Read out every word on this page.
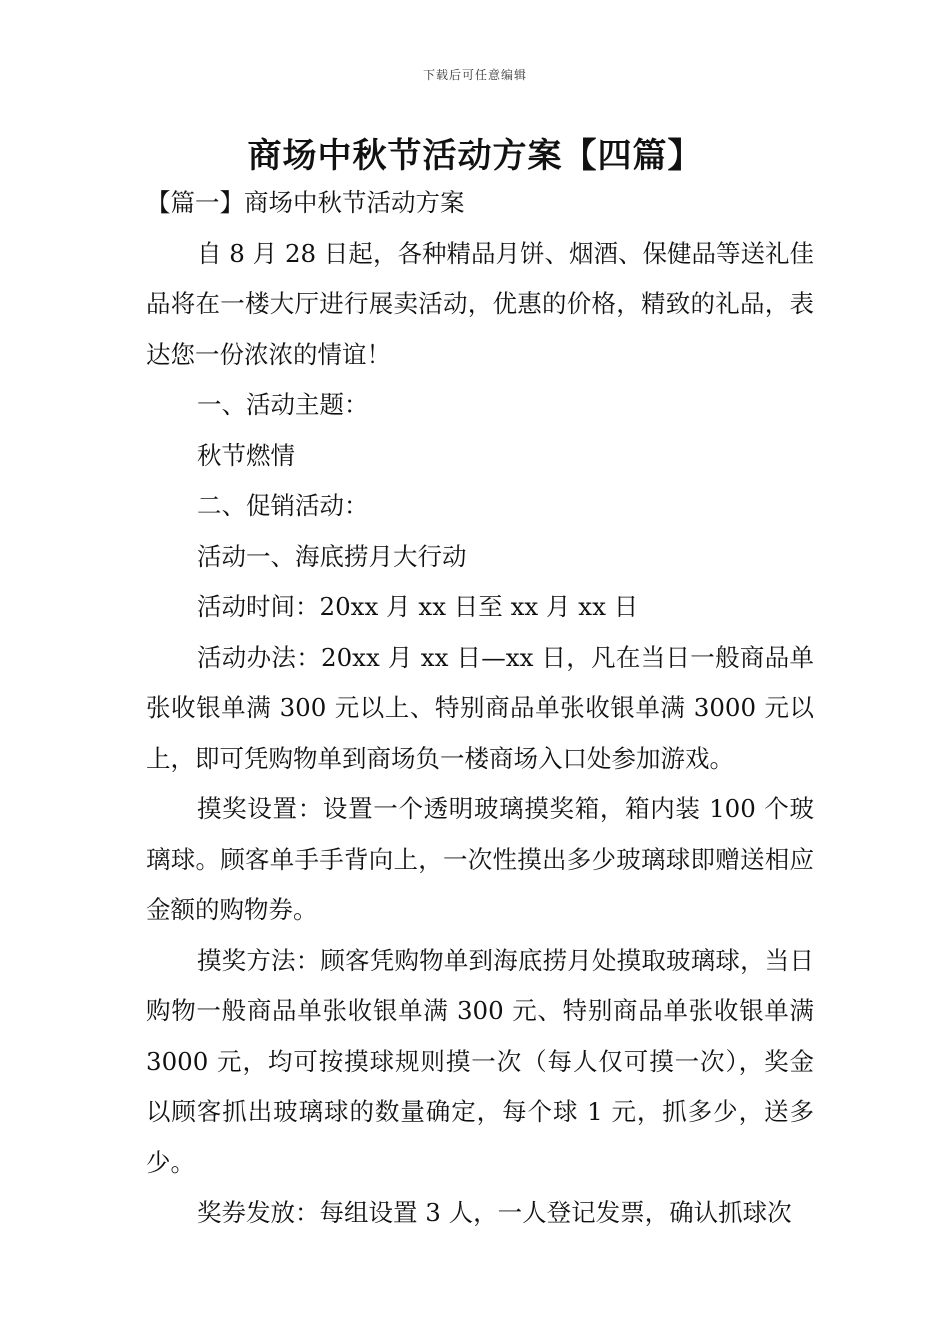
下载后可任意编辑
商场中秋节活动方案【四篇】

【篇一】商场中秋节活动方案

自 8 月 28 日起，各种精品月饼、烟酒、保健品等送礼佳品将在一楼大厅进行展卖活动，优惠的价格，精致的礼品，表达您一份浓浓的情谊！

一、活动主题：

秋节燃情

二、促销活动：

活动一、海底捞月大行动

活动时间：20xx 月 xx 日至 xx 月 xx 日

活动办法：20xx 月 xx 日—xx 日，凡在当日一般商品单张收银单满 300 元以上、特别商品单张收银单满 3000 元以上，即可凭购物单到商场负一楼商场入口处参加游戏。

摸奖设置：设置一个透明玻璃摸奖箱，箱内装 100 个玻璃球。顾客单手手背向上，一次性摸出多少玻璃球即赠送相应金额的购物券。

摸奖方法：顾客凭购物单到海底捞月处摸取玻璃球，当日购物一般商品单张收银单满 300 元、特别商品单张收银单满 3000 元，均可按摸球规则摸一次（每人仅可摸一次），奖金以顾客抓出玻璃球的数量确定，每个球 1 元，抓多少，送多少。

奖券发放：每组设置 3 人，一人登记发票，确认抓球次
